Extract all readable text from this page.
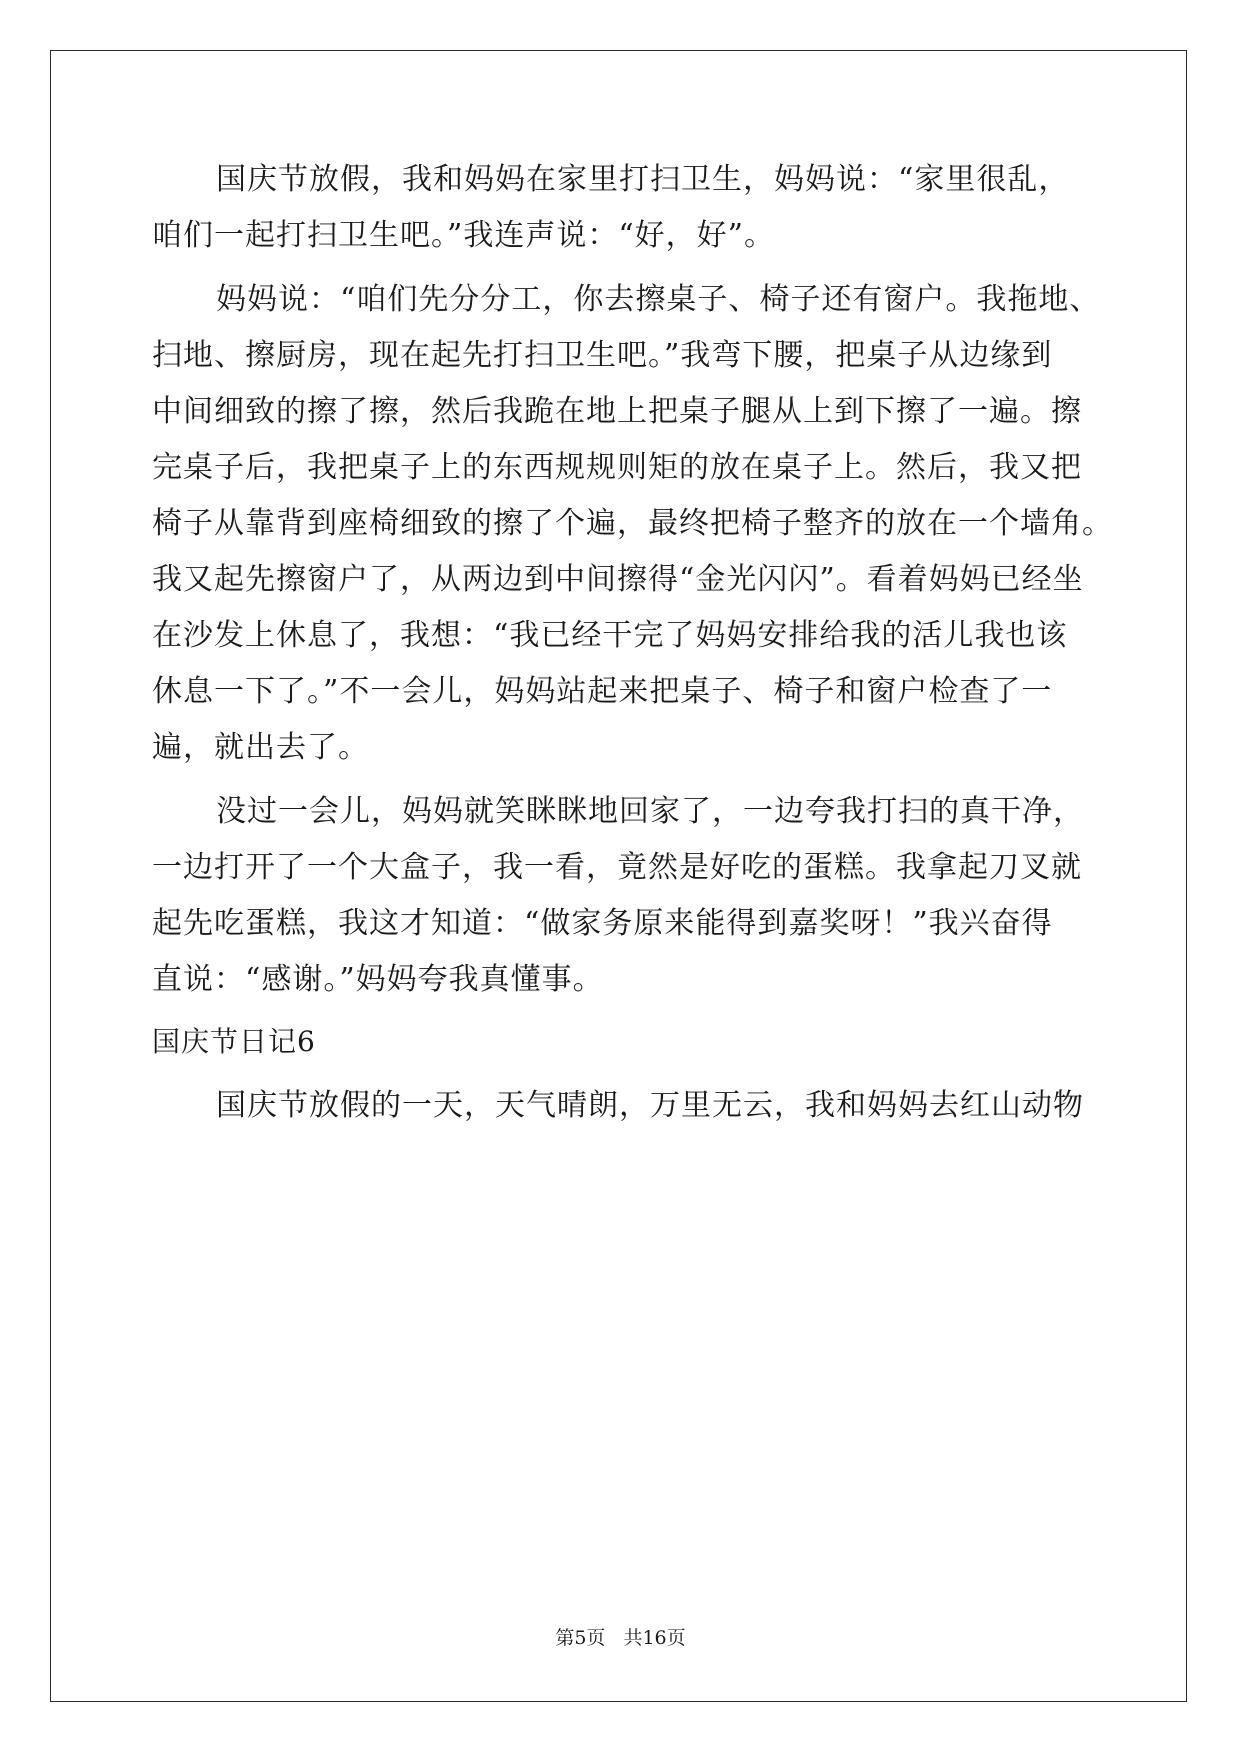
国庆节放假，我和妈妈在家里打扫卫生，妈妈说：“家里很乱，
咱们一起打扫卫生吧。”我连声说：“好，好”。
妈妈说：“咱们先分分工，你去擦桌子、椅子还有窗户。我拖地、
扫地、擦厨房，现在起先打扫卫生吧。”我弯下腰，把桌子从边缘到
中间细致的擦了擦，然后我跪在地上把桌子腿从上到下擦了一遍。擦
完桌子后，我把桌子上的东西规规则矩的放在桌子上。然后，我又把
椅子从靠背到座椅细致的擦了个遍，最终把椅子整齐的放在一个墙角。
我又起先擦窗户了，从两边到中间擦得“金光闪闪”。看着妈妈已经坐
在沙发上休息了，我想：“我已经干完了妈妈安排给我的活儿我也该
休息一下了。”不一会儿，妈妈站起来把桌子、椅子和窗户检查了一
遍，就出去了。
没过一会儿，妈妈就笑眯眯地回家了，一边夸我打扫的真干净，
一边打开了一个大盒子，我一看，竟然是好吃的蛋糕。我拿起刀叉就
起先吃蛋糕，我这才知道：“做家务原来能得到嘉奖呀！”我兴奋得
直说：“感谢。”妈妈夸我真懂事。
国庆节日记6
国庆节放假的一天，天气晴朗，万里无云，我和妈妈去红山动物
第5页 共16页
